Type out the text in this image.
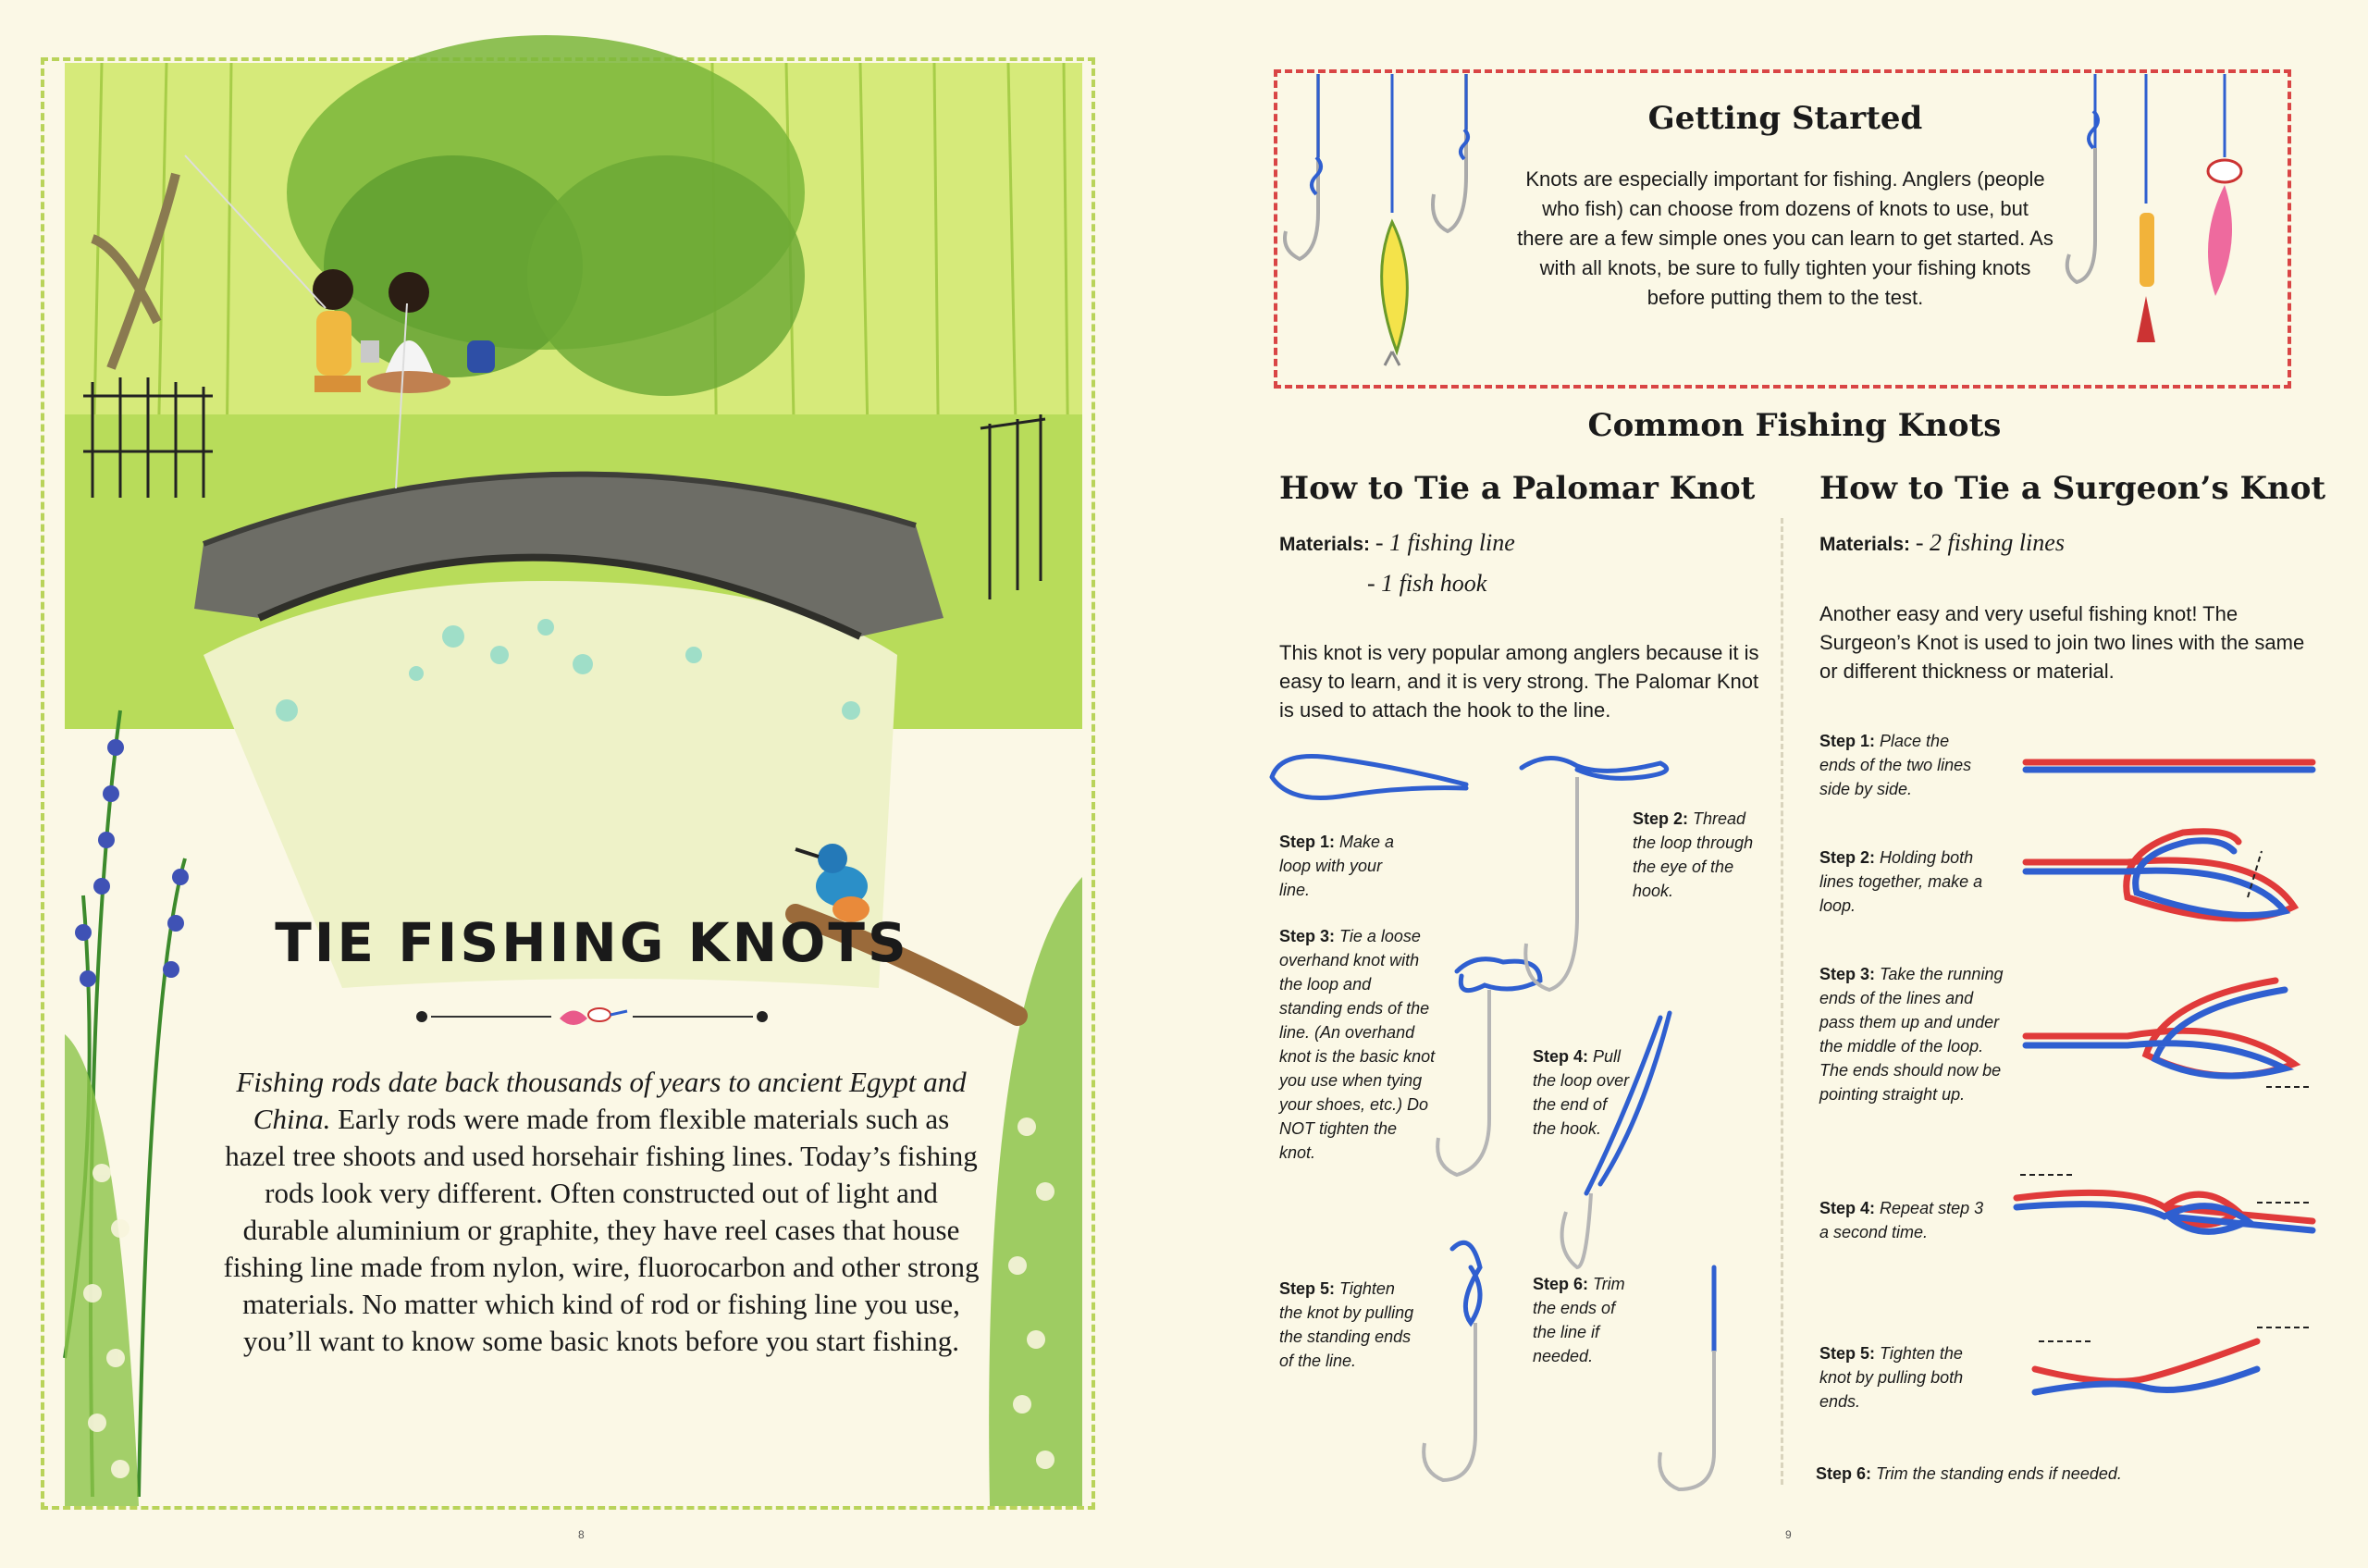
TIE FISHING KNOTS
Fishing rods date back thousands of years to ancient Egypt and China. Early rods were made from flexible materials such as hazel tree shoots and used horsehair fishing lines. Today’s fishing rods look very different. Often constructed out of light and durable aluminium or graphite, they have reel cases that house fishing line made from nylon, wire, fluorocarbon and other strong materials. No matter which kind of rod or fishing line you use, you’ll want to know some basic knots before you start fishing.
8
Getting Started
Knots are especially important for fishing. Anglers (people who fish) can choose from dozens of knots to use, but there are a few simple ones you can learn to get started. As with all knots, be sure to fully tighten your fishing knots before putting them to the test.
Common Fishing Knots
How to Tie a Palomar Knot
Materials: - 1 fishing line
- 1 fish hook
This knot is very popular among anglers because it is easy to learn, and it is very strong. The Palomar Knot is used to attach the hook to the line.
Step 1: Make a loop with your line.
Step 2: Thread the loop through the eye of the hook.
Step 3: Tie a loose overhand knot with the loop and standing ends of the line. (An overhand knot is the basic knot you use when tying your shoes, etc.) Do NOT tighten the knot.
Step 4: Pull the loop over the end of the hook.
Step 5: Tighten the knot by pulling the standing ends of the line.
Step 6: Trim the ends of the line if needed.
How to Tie a Surgeon’s Knot
Materials: - 2 fishing lines
Another easy and very useful fishing knot! The Surgeon’s Knot is used to join two lines with the same or different thickness or material.
Step 1: Place the ends of the two lines side by side.
Step 2: Holding both lines together, make a loop.
Step 3: Take the running ends of the lines and pass them up and under the middle of the loop. The ends should now be pointing straight up.
Step 4: Repeat step 3 a second time.
Step 5: Tighten the knot by pulling both ends.
Step 6: Trim the standing ends if needed.
9
